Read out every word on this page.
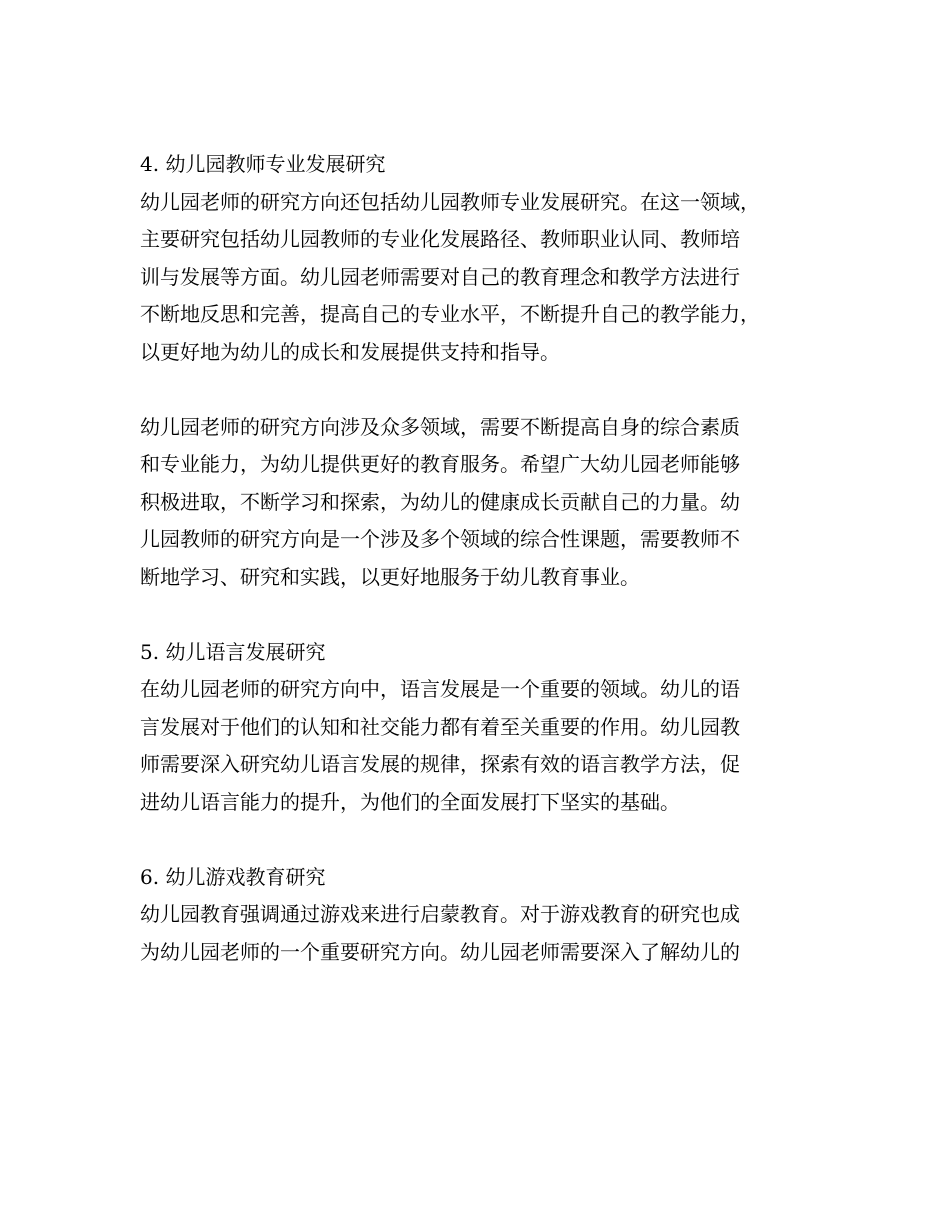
4. 幼儿园教师专业发展研究
幼儿园老师的研究方向还包括幼儿园教师专业发展研究。在这一领域，
主要研究包括幼儿园教师的专业化发展路径、教师职业认同、教师培
训与发展等方面。幼儿园老师需要对自己的教育理念和教学方法进行
不断地反思和完善，提高自己的专业水平，不断提升自己的教学能力，
以更好地为幼儿的成长和发展提供支持和指导。
幼儿园老师的研究方向涉及众多领域，需要不断提高自身的综合素质
和专业能力，为幼儿提供更好的教育服务。希望广大幼儿园老师能够
积极进取，不断学习和探索，为幼儿的健康成长贡献自己的力量。幼
儿园教师的研究方向是一个涉及多个领域的综合性课题，需要教师不
断地学习、研究和实践，以更好地服务于幼儿教育事业。
5. 幼儿语言发展研究
在幼儿园老师的研究方向中，语言发展是一个重要的领域。幼儿的语
言发展对于他们的认知和社交能力都有着至关重要的作用。幼儿园教
师需要深入研究幼儿语言发展的规律，探索有效的语言教学方法，促
进幼儿语言能力的提升，为他们的全面发展打下坚实的基础。
6. 幼儿游戏教育研究
幼儿园教育强调通过游戏来进行启蒙教育。对于游戏教育的研究也成
为幼儿园老师的一个重要研究方向。幼儿园老师需要深入了解幼儿的
